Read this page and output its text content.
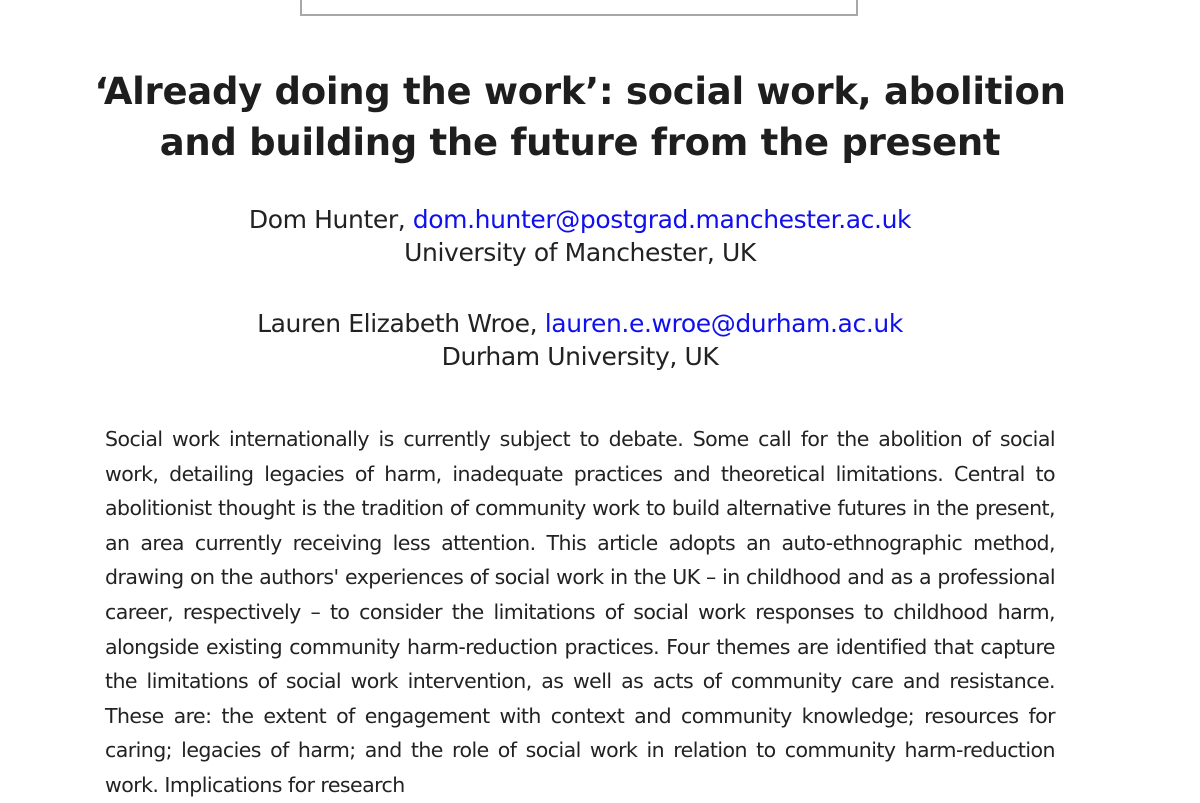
‘Already doing the work’: social work, abolition and building the future from the present
Dom Hunter, dom.hunter@postgrad.manchester.ac.uk
University of Manchester, UK
Lauren Elizabeth Wroe, lauren.e.wroe@durham.ac.uk
Durham University, UK

Social work internationally is currently subject to debate. Some call for the abolition of social work, detailing legacies of harm, inadequate practices and theoretical limitations. Central to abolitionist thought is the tradition of community work to build alternative futures in the present, an area currently receiving less attention. This article adopts an auto-ethnographic method, drawing on the authors' experiences of social work in the UK – in childhood and as a professional career, respectively – to consider the limitations of social work responses to childhood harm, alongside existing community harm-reduction practices. Four themes are identified that capture the limitations of social work intervention, as well as acts of community care and resistance. These are: the extent of engagement with context and community knowledge; resources for caring; legacies of harm; and the role of social work in relation to community harm-reduction work. Implications for research
